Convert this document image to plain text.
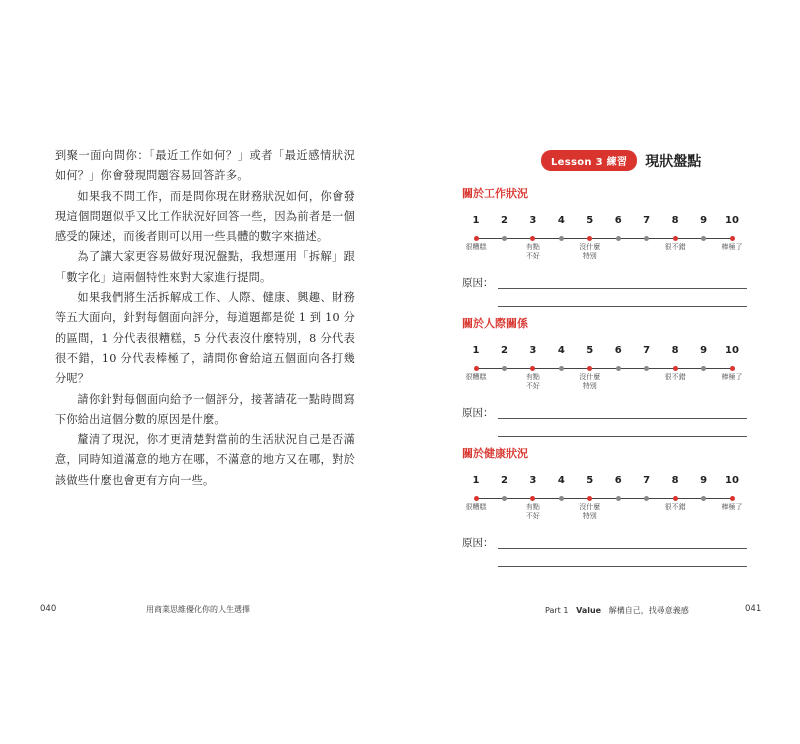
到聚一面向問你：「最近工作如何？」或者「最近感情狀況如何？」你會發現問題容易回答許多。

如果我不問工作，而是問你現在財務狀況如何，你會發現這個問題似乎又比工作狀況好回答一些，因為前者是一個感受的陳述，而後者則可以用一些具體的數字來描述。

為了讓大家更容易做好現況盤點，我想運用「拆解」跟「數字化」這兩個特性來對大家進行提問。

如果我們將生活拆解成工作、人際、健康、興趣、財務等五大面向，針對每個面向評分，每道題都是從 1 到 10 分的區間，1 分代表很糟糕，5 分代表沒什麼特別，8 分代表很不錯，10 分代表棒極了，請問你會給這五個面向各打幾分呢？

請你針對每個面向給予一個評分，接著請花一點時間寫下你給出這個分數的原因是什麼。

釐清了現況，你才更清楚對當前的生活狀況自己是否滿意，同時知道滿意的地方在哪，不滿意的地方又在哪，對於該做些什麼也會更有方向一些。

040	用商業思維優化你的人生選擇
Lesson 3 練習	現狀盤點
關於工作狀況
1	2	3	4	5	6	7	8	9	10
很糟糕	有點
不好
沒什麼
特別
很不錯	棒極了
原因：
關於人際關係
1	2	3	4	5	6	7	8	9	10
很糟糕	有點
不好
沒什麼
特別
很不錯	棒極了
原因：
關於健康狀況
1	2	3	4	5	6	7	8	9	10
很糟糕	有點
不好
沒什麼
特別
很不錯	棒極了
原因：
Part 1 Value 解構自己，找尋意義感	041
